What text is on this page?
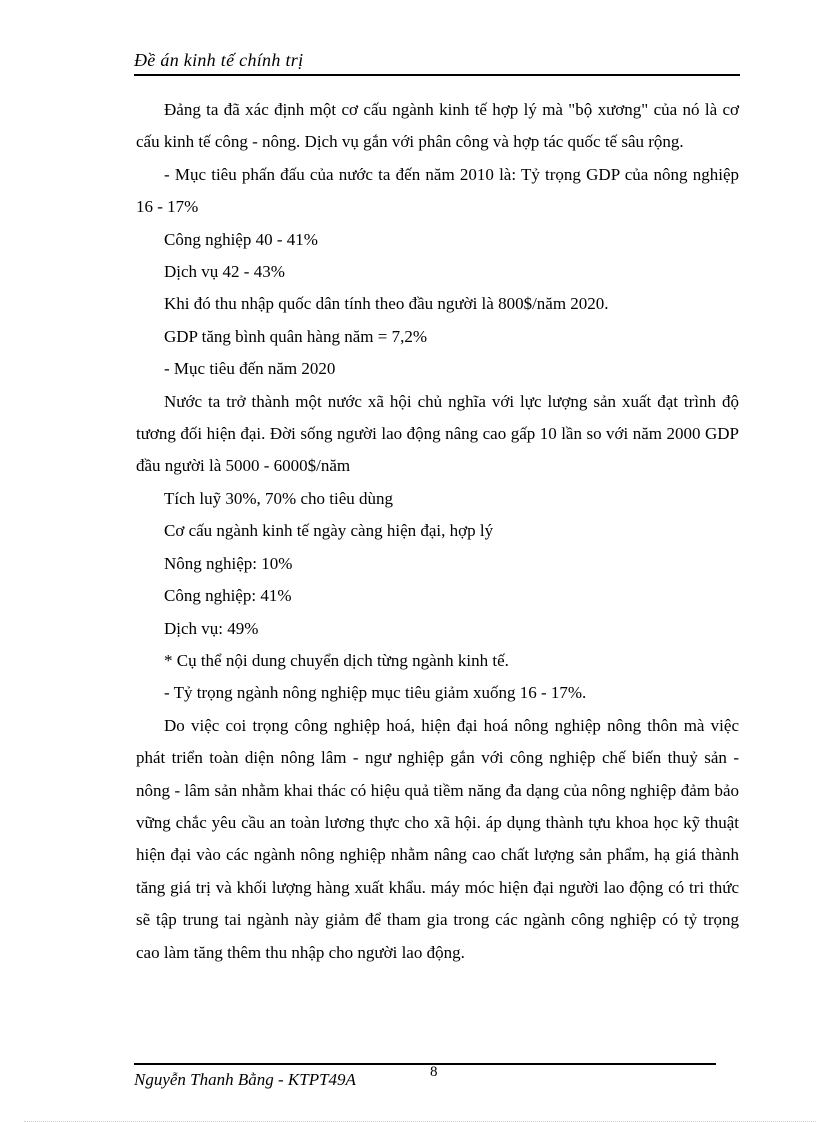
Đề án kinh tế chính trị

Đảng ta đã xác định một cơ cấu ngành kinh tế hợp lý mà "bộ xương" của nó là cơ cấu kinh tế công - nông. Dịch vụ gắn với phân công và hợp tác quốc tế sâu rộng.

- Mục tiêu phấn đấu của nước ta đến năm 2010 là: Tỷ trọng GDP của nông nghiệp 16 - 17%

Công nghiệp 40 - 41%

Dịch vụ 42 - 43%

Khi đó thu nhập quốc dân tính theo đầu người là 800$/năm 2020.

GDP tăng bình quân hàng năm = 7,2%

- Mục tiêu đến năm 2020

Nước ta trở thành một nước xã hội chủ nghĩa với lực lượng sản xuất đạt trình độ tương đối hiện đại. Đời sống người lao động nâng cao gấp 10 lần so với năm 2000 GDP đầu người là 5000 - 6000$/năm

Tích luỹ 30%, 70% cho tiêu dùng

Cơ cấu ngành kinh tế ngày càng hiện đại, hợp lý

Nông nghiệp: 10%

Công nghiệp: 41%

Dịch vụ: 49%

* Cụ thể nội dung chuyển dịch từng ngành kinh tế.

- Tỷ trọng ngành nông nghiệp mục tiêu giảm xuống 16 - 17%.

Do việc coi trọng công nghiệp hoá, hiện đại hoá nông nghiệp nông thôn mà việc phát triển toàn diện nông lâm - ngư nghiệp gắn với công nghiệp chế biến thuỷ sản - nông - lâm sản nhằm khai thác có hiệu quả tiềm năng đa dạng của nông nghiệp đảm bảo vững chắc yêu cầu an toàn lương thực cho xã hội. áp dụng thành tựu khoa học kỹ thuật hiện đại vào các ngành nông nghiệp nhằm nâng cao chất lượng sản phẩm, hạ giá thành tăng giá trị và khối lượng hàng xuất khẩu. máy móc hiện đại người lao động có tri thức sẽ tập trung tai ngành này giảm để tham gia trong các ngành công nghiệp có tỷ trọng cao làm tăng thêm thu nhập cho người lao động.

Nguyễn Thanh Bằng - KTPT49A	8
